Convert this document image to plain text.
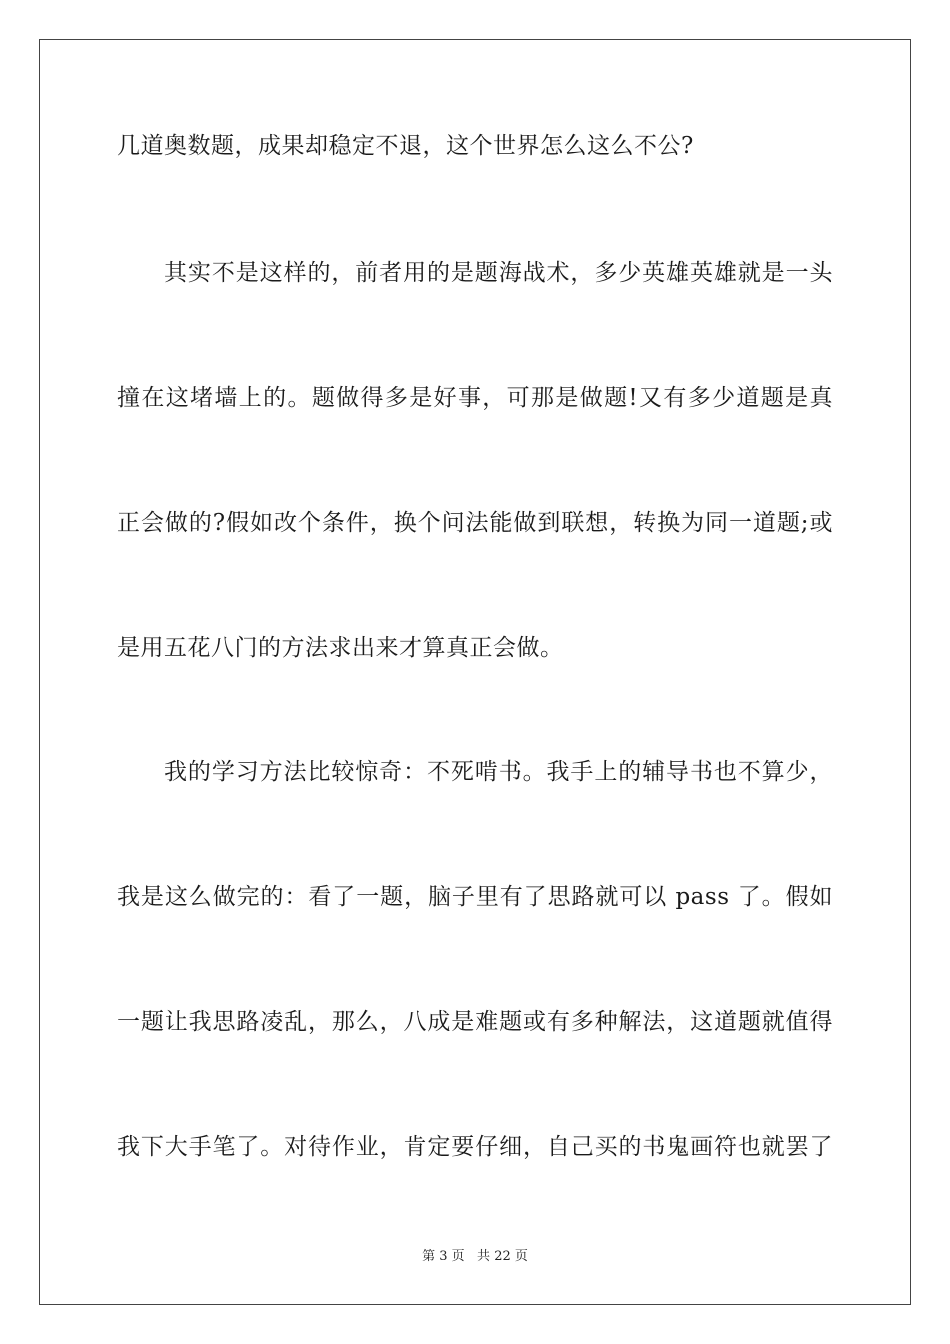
几道奥数题，成果却稳定不退，这个世界怎么这么不公?
其实不是这样的，前者用的是题海战术，多少英雄英雄就是一头
撞在这堵墙上的。题做得多是好事，可那是做题!又有多少道题是真
正会做的?假如改个条件，换个问法能做到联想，转换为同一道题;或
是用五花八门的方法求出来才算真正会做。
我的学习方法比较惊奇：不死啃书。我手上的辅导书也不算少，
我是这么做完的：看了一题，脑子里有了思路就可以 pass 了。假如
一题让我思路凌乱，那么，八成是难题或有多种解法，这道题就值得
我下大手笔了。对待作业，肯定要仔细，自己买的书鬼画符也就罢了
第 3 页   共 22 页
